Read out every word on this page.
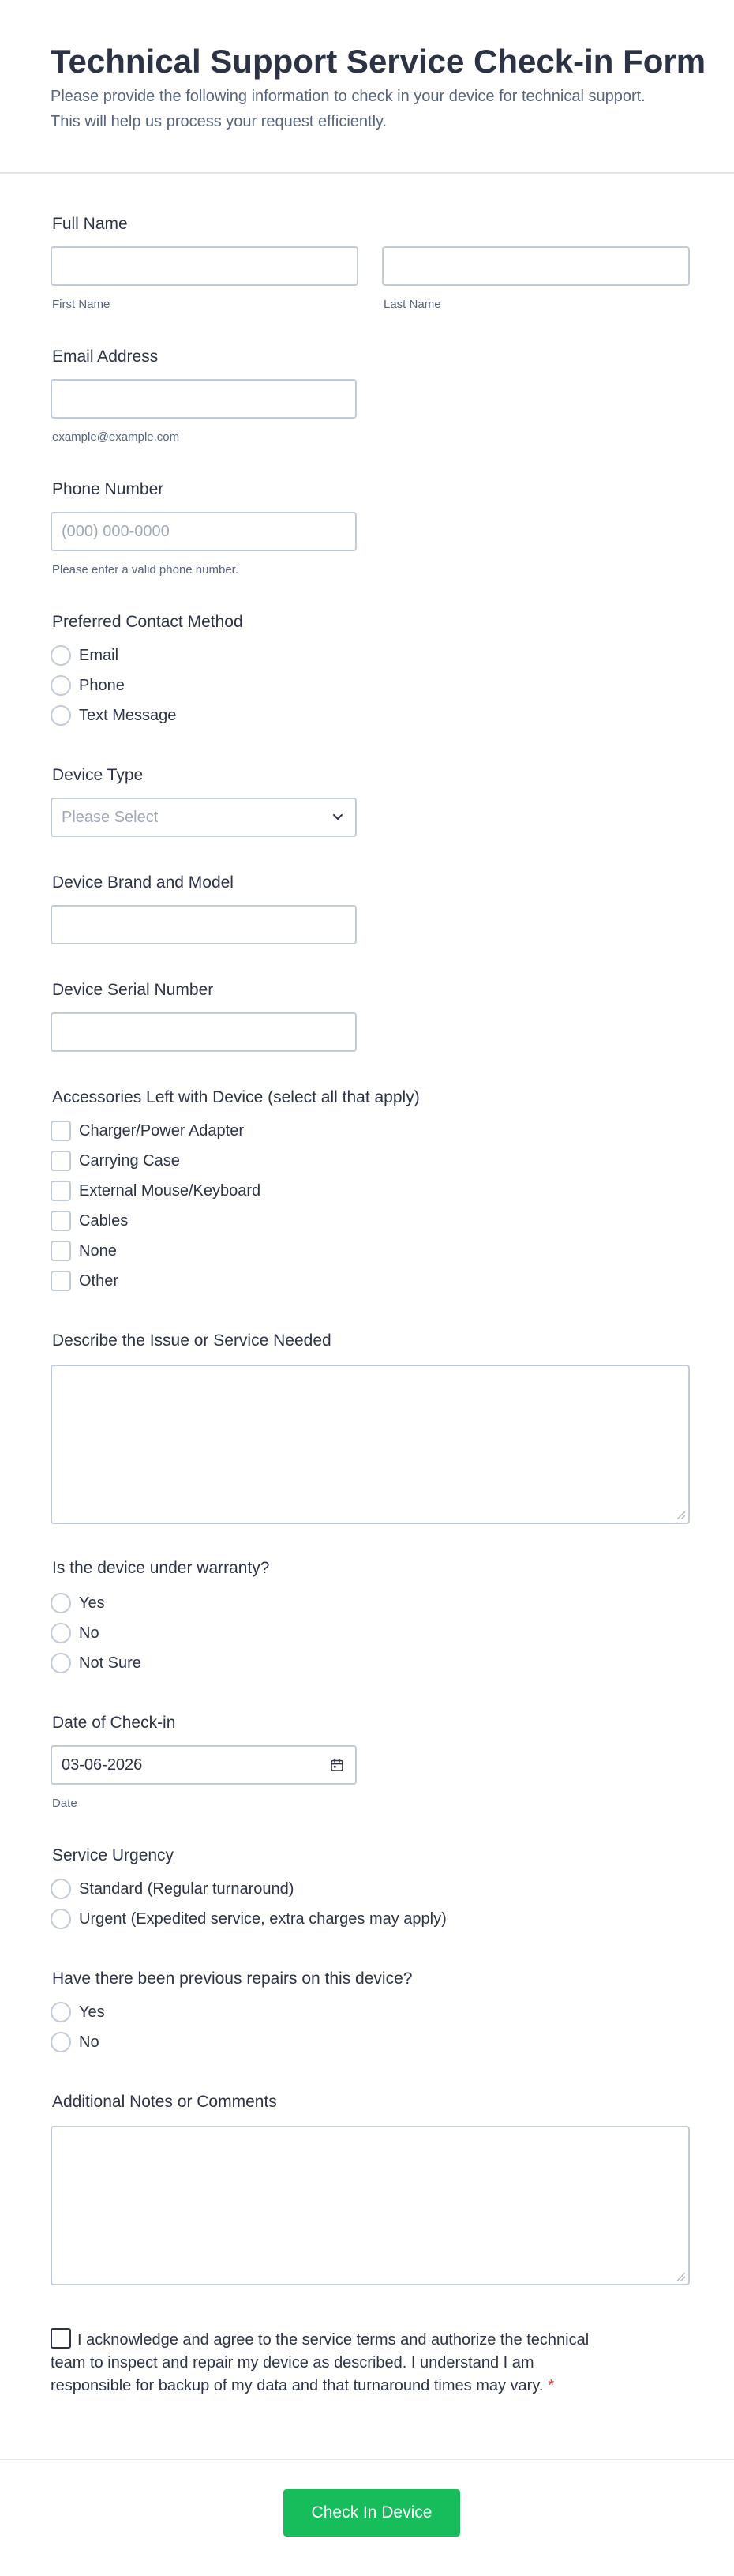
Technical Support Service Check-in Form

Please provide the following information to check in your device for technical support. This will help us process your request efficiently.

Full Name
First Name	Last Name
Email Address
example@example.com
Phone Number
(000) 000-0000
Please enter a valid phone number.
Preferred Contact Method
Email
Phone
Text Message
Device Type
Please Select
Device Brand and Model
Device Serial Number
Accessories Left with Device (select all that apply)
Charger/Power Adapter
Carrying Case
External Mouse/Keyboard
Cables
None
Other
Describe the Issue or Service Needed
Is the device under warranty?
Yes
No
Not Sure
Date of Check-in
03-06-2026
Date
Service Urgency
Standard (Regular turnaround)
Urgent (Expedited service, extra charges may apply)
Have there been previous repairs on this device?
Yes
No
Additional Notes or Comments
I acknowledge and agree to the service terms and authorize the technical team to inspect and repair my device as described. I understand I am responsible for backup of my data and that turnaround times may vary. *
Check In Device
